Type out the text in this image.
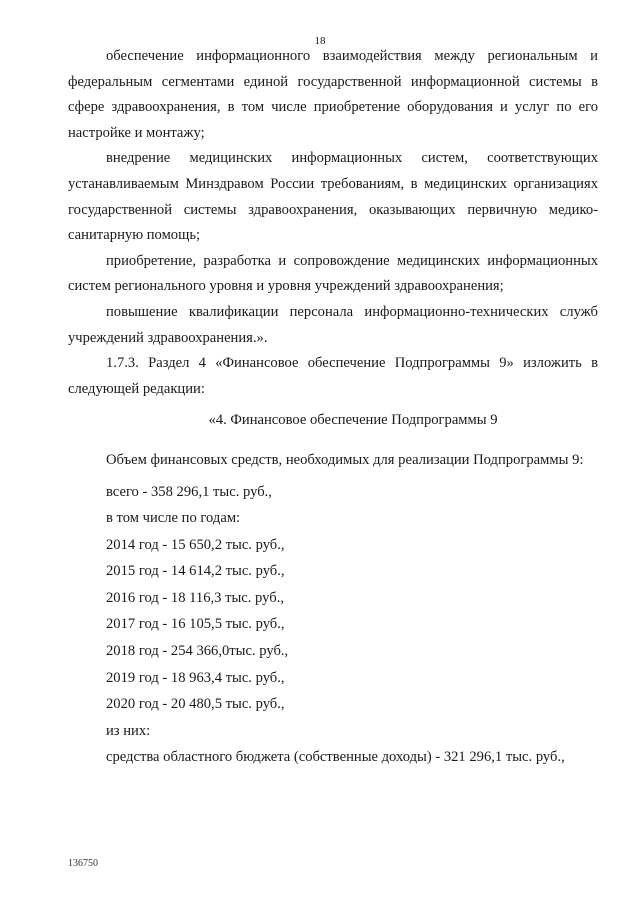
18

обеспечение информационного взаимодействия между региональным и федеральным сегментами единой государственной информационной системы в сфере здравоохранения, в том числе приобретение оборудования и услуг по его настройке и монтажу;

внедрение медицинских информационных систем, соответствующих устанавливаемым Минздравом России требованиям, в медицинских организациях государственной системы здравоохранения, оказывающих первичную медико-санитарную помощь;

приобретение, разработка и сопровождение медицинских информационных систем регионального уровня и уровня учреждений здравоохранения;

повышение квалификации персонала информационно-технических служб учреждений здравоохранения.».

1.7.3. Раздел 4 «Финансовое обеспечение Подпрограммы 9» изложить в следующей редакции:

«4. Финансовое обеспечение Подпрограммы 9

Объем финансовых средств, необходимых для реализации Подпрограммы 9:

всего - 358 296,1 тыс. руб.,
в том числе по годам:
2014 год - 15 650,2 тыс. руб.,
2015 год - 14 614,2 тыс. руб.,
2016 год - 18 116,3 тыс. руб.,
2017 год - 16 105,5 тыс. руб.,
2018 год - 254 366,0тыс. руб.,
2019 год - 18 963,4 тыс. руб.,
2020 год - 20 480,5 тыс. руб.,
из них:
средства областного бюджета (собственные доходы) - 321 296,1 тыс. руб.,
136750
